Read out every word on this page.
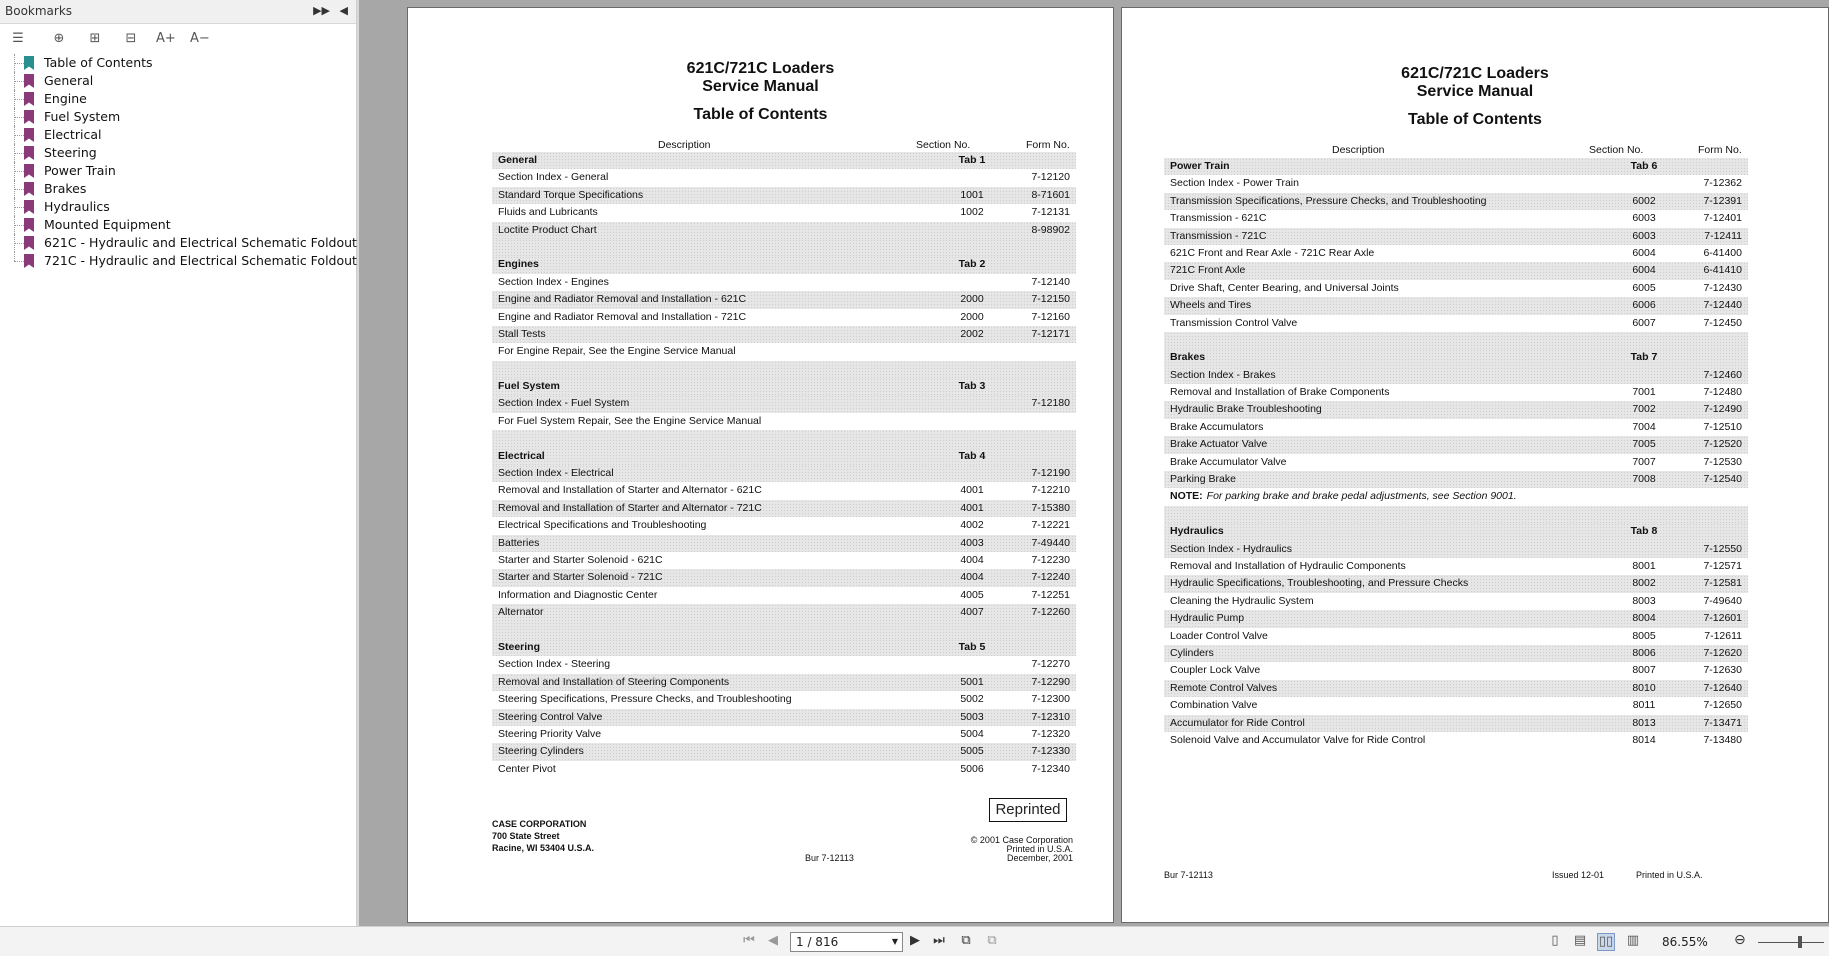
Bookmarks	▶▶ ◀
☰ ⊕ ⊞ ⊟ A+ A−
Table of Contents
General
Engine
Fuel System
Electrical
Steering
Power Train
Brakes
Hydraulics
Mounted Equipment
621C - Hydraulic and Electrical Schematic Foldout
721C - Hydraulic and Electrical Schematic Foldout
621C/721C Loaders
Service Manual
Table of Contents
Description	Section No.	Form No.
General	Tab 1
Section Index - General	7-12120
Standard Torque Specifications	1001	8-71601
Fluids and Lubricants	1002	7-12131
Loctite Product Chart	8-98902
Engines	Tab 2
Section Index - Engines	7-12140
Engine and Radiator Removal and Installation - 621C	2000	7-12150
Engine and Radiator Removal and Installation - 721C	2000	7-12160
Stall Tests	2002	7-12171
For Engine Repair, See the Engine Service Manual
Fuel System	Tab 3
Section Index - Fuel System	7-12180
For Fuel System Repair, See the Engine Service Manual
Electrical	Tab 4
Section Index - Electrical	7-12190
Removal and Installation of Starter and Alternator - 621C	4001	7-12210
Removal and Installation of Starter and Alternator - 721C	4001	7-15380
Electrical Specifications and Troubleshooting	4002	7-12221
Batteries	4003	7-49440
Starter and Starter Solenoid - 621C	4004	7-12230
Starter and Starter Solenoid - 721C	4004	7-12240
Information and Diagnostic Center	4005	7-12251
Alternator	4007	7-12260
Steering	Tab 5
Section Index - Steering	7-12270
Removal and Installation of Steering Components	5001	7-12290
Steering Specifications, Pressure Checks, and Troubleshooting	5002	7-12300
Steering Control Valve	5003	7-12310
Steering Priority Valve	5004	7-12320
Steering Cylinders	5005	7-12330
Center Pivot	5006	7-12340
CASE CORPORATION
700 State Street
Racine, WI 53404 U.S.A.
Reprinted
© 2001 Case Corporation
Printed in U.S.A.
December, 2001
Bur 7-12113
621C/721C Loaders
Service Manual
Table of Contents
Description	Section No.	Form No.
Power Train	Tab 6
Section Index - Power Train	7-12362
Transmission Specifications, Pressure Checks, and Troubleshooting	6002	7-12391
Transmission - 621C	6003	7-12401
Transmission - 721C	6003	7-12411
621C Front and Rear Axle - 721C Rear Axle	6004	6-41400
721C Front Axle	6004	6-41410
Drive Shaft, Center Bearing, and Universal Joints	6005	7-12430
Wheels and Tires	6006	7-12440
Transmission Control Valve	6007	7-12450
Brakes	Tab 7
Section Index - Brakes	7-12460
Removal and Installation of Brake Components	7001	7-12480
Hydraulic Brake Troubleshooting	7002	7-12490
Brake Accumulators	7004	7-12510
Brake Actuator Valve	7005	7-12520
Brake Accumulator Valve	7007	7-12530
Parking Brake	7008	7-12540
NOTE: For parking brake and brake pedal adjustments, see Section 9001.
Hydraulics	Tab 8
Section Index - Hydraulics	7-12550
Removal and Installation of Hydraulic Components	8001	7-12571
Hydraulic Specifications, Troubleshooting, and Pressure Checks	8002	7-12581
Cleaning the Hydraulic System	8003	7-49640
Hydraulic Pump	8004	7-12601
Loader Control Valve	8005	7-12611
Cylinders	8006	7-12620
Coupler Lock Valve	8007	7-12630
Remote Control Valves	8010	7-12640
Combination Valve	8011	7-12650
Accumulator for Ride Control	8013	7-13471
Solenoid Valve and Accumulator Valve for Ride Control	8014	7-13480
Bur 7-12113	Issued 12-01	Printed in U.S.A.
⏮	◀	1 / 816	▼ ▶	⏭	⧉	⧉	▯	▤ ▯▯ ▥ 86.55% ⊖
